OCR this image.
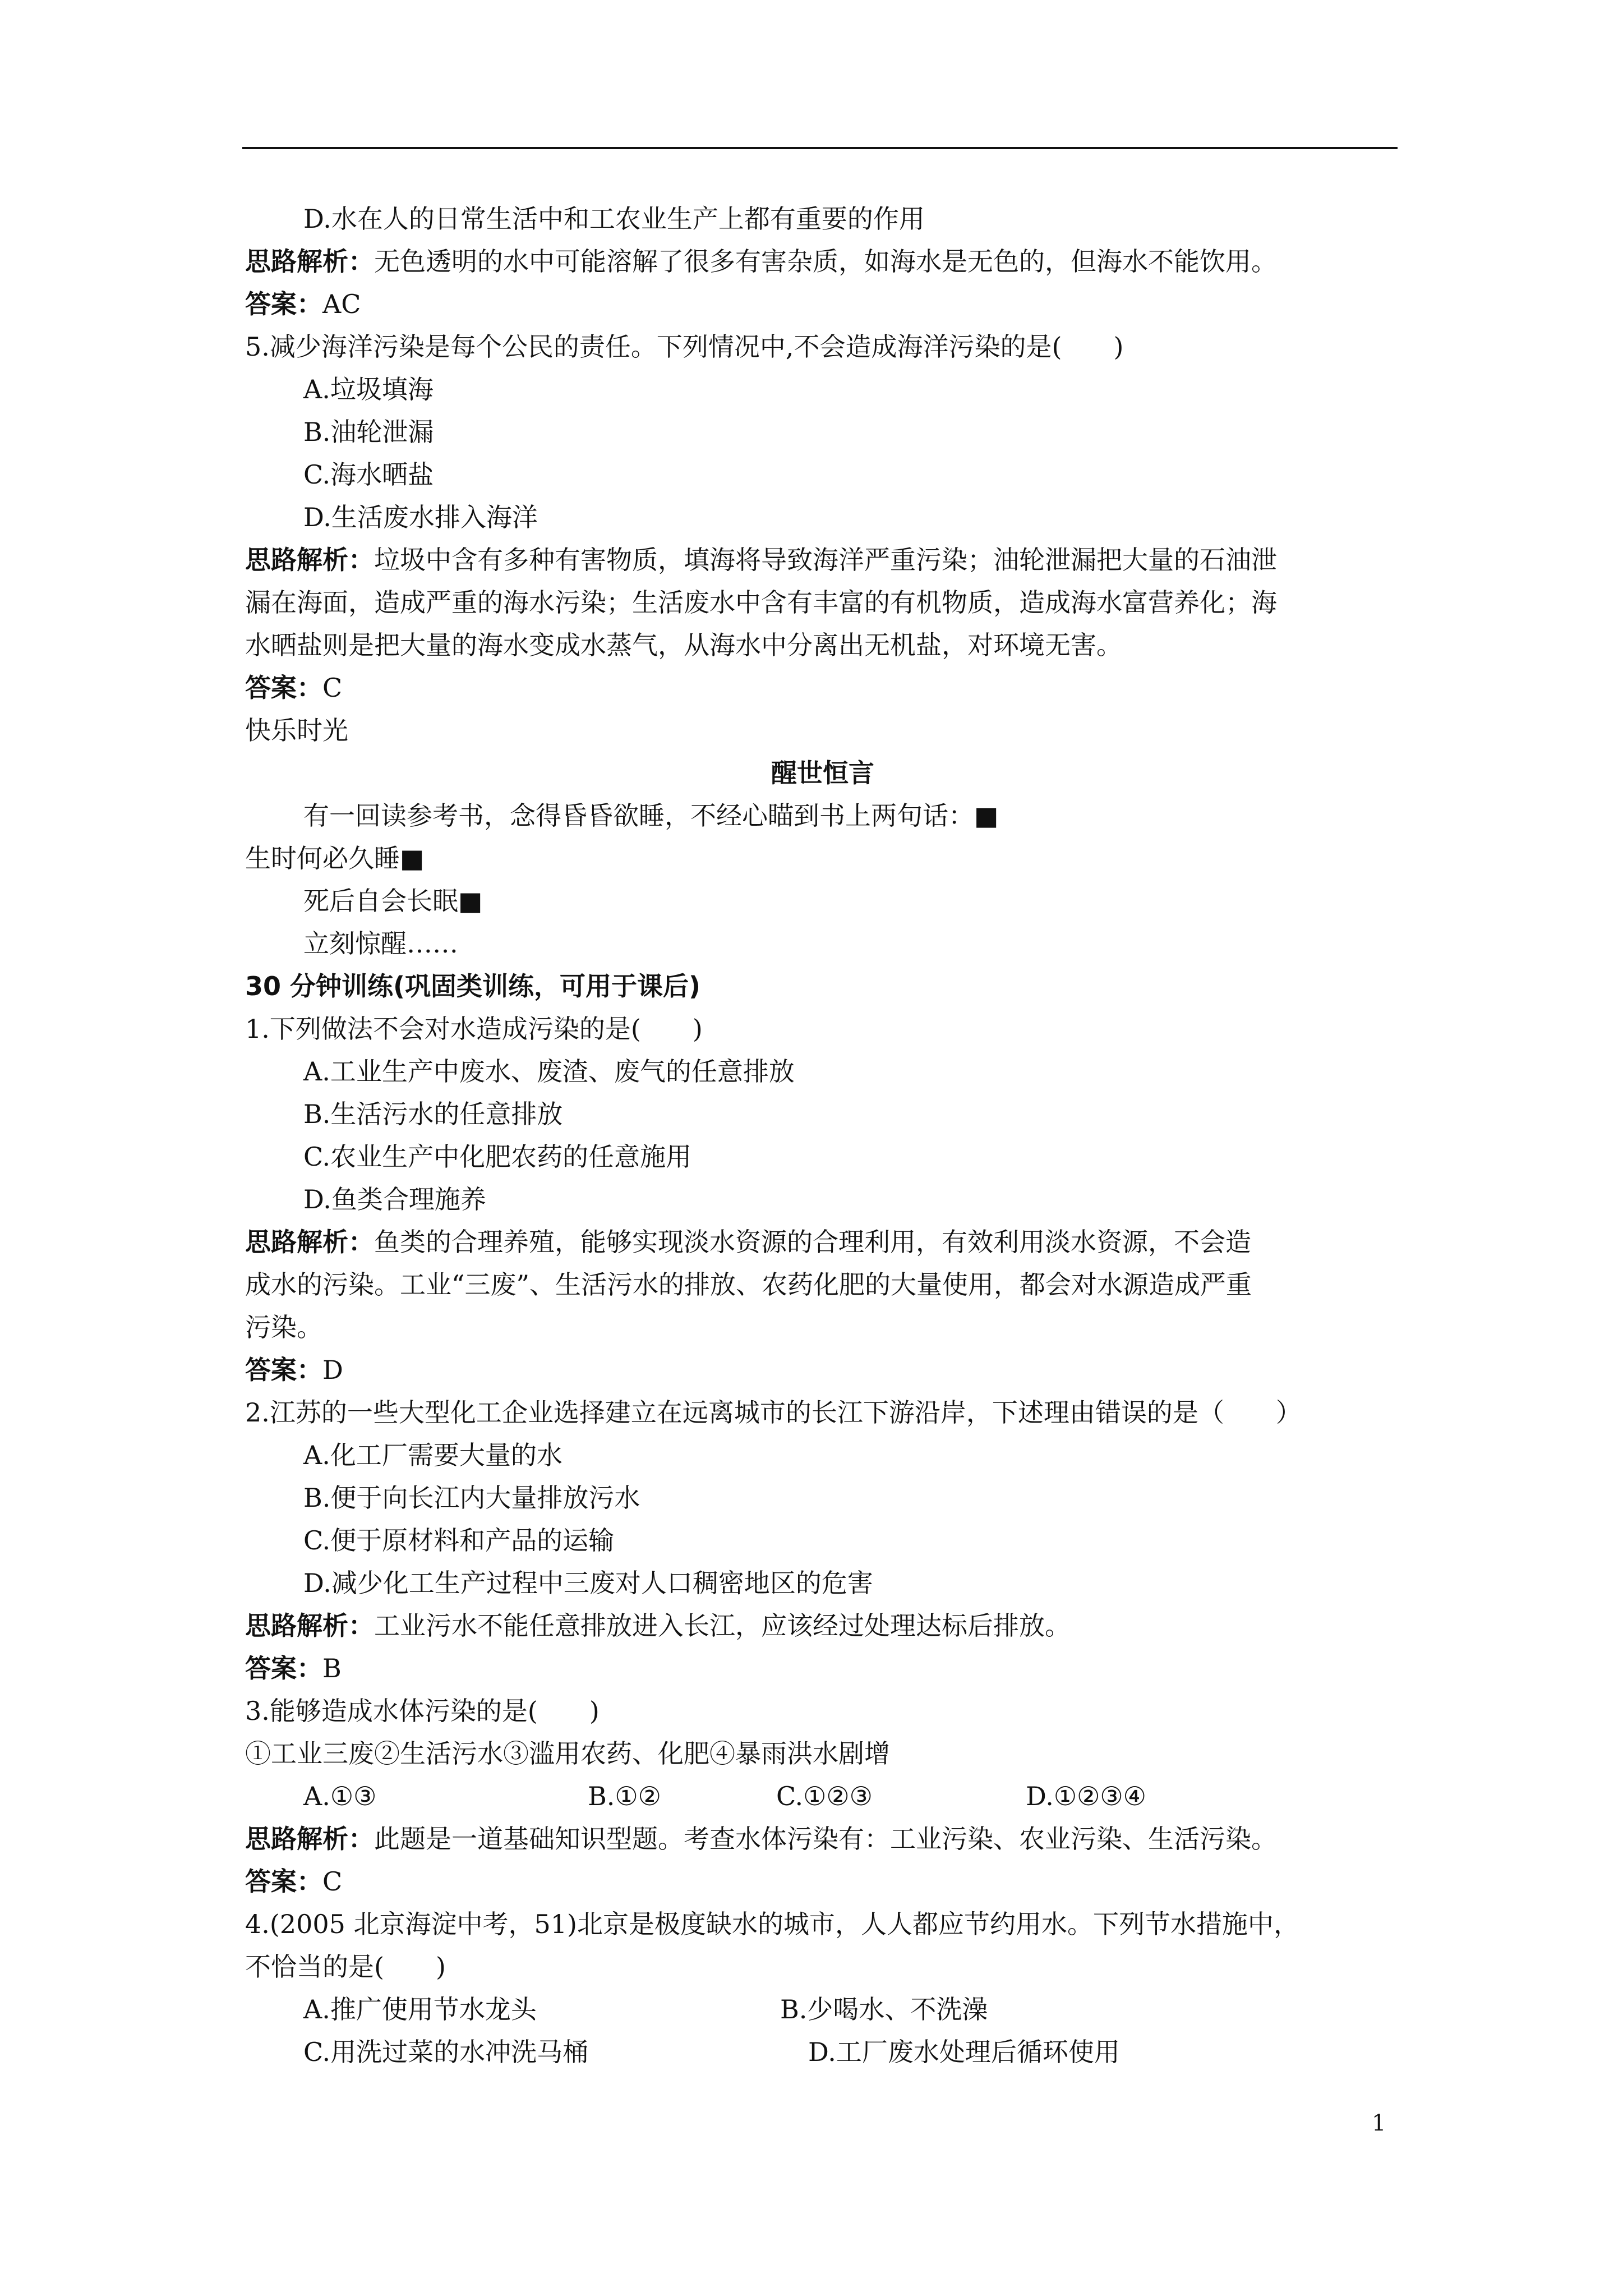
D.水在人的日常生活中和工农业生产上都有重要的作用
思路解析：无色透明的水中可能溶解了很多有害杂质，如海水是无色的，但海水不能饮用。
答案：AC
5.减少海洋污染是每个公民的责任。下列情况中,不会造成海洋污染的是(　　)
A.垃圾填海
B.油轮泄漏
C.海水晒盐
D.生活废水排入海洋
思路解析：垃圾中含有多种有害物质，填海将导致海洋严重污染；油轮泄漏把大量的石油泄
漏在海面，造成严重的海水污染；生活废水中含有丰富的有机物质，造成海水富营养化；海
水晒盐则是把大量的海水变成水蒸气，从海水中分离出无机盐，对环境无害。
答案：C
快乐时光
醒世恒言
有一回读参考书，念得昏昏欲睡，不经心瞄到书上两句话：■
生时何必久睡■
死后自会长眠■
立刻惊醒……
30 分钟训练(巩固类训练，可用于课后)
1.下列做法不会对水造成污染的是(　　)
A.工业生产中废水、废渣、废气的任意排放
B.生活污水的任意排放
C.农业生产中化肥农药的任意施用
D.鱼类合理施养
思路解析：鱼类的合理养殖，能够实现淡水资源的合理利用，有效利用淡水资源，不会造
成水的污染。工业“三废”、生活污水的排放、农药化肥的大量使用，都会对水源造成严重
污染。
答案：D
2.江苏的一些大型化工企业选择建立在远离城市的长江下游沿岸，下述理由错误的是（　　）
A.化工厂需要大量的水
B.便于向长江内大量排放污水
C.便于原材料和产品的运输
D.减少化工生产过程中三废对人口稠密地区的危害
思路解析：工业污水不能任意排放进入长江，应该经过处理达标后排放。
答案：B
3.能够造成水体污染的是(　　)
①工业三废②生活污水③滥用农药、化肥④暴雨洪水剧增
A.①③	B.①②	C.①②③	D.①②③④
思路解析：此题是一道基础知识型题。考查水体污染有：工业污染、农业污染、生活污染。
答案：C
4.(2005 北京海淀中考，51)北京是极度缺水的城市，人人都应节约用水。下列节水措施中，
不恰当的是(　　)
A.推广使用节水龙头	B.少喝水、不洗澡
C.用洗过菜的水冲洗马桶	D.工厂废水处理后循环使用
1
